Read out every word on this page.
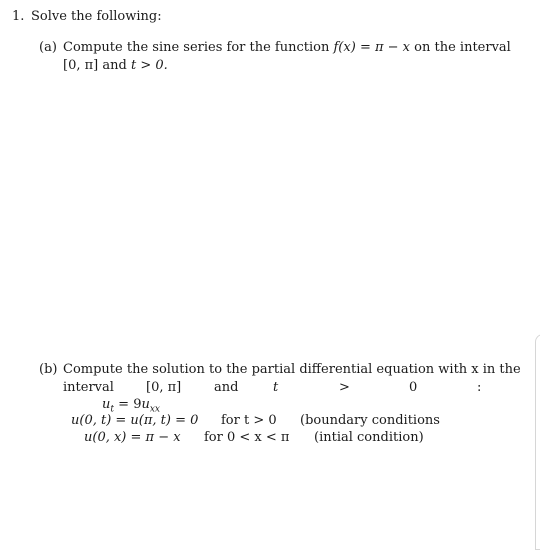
1. Solve the following:
(a) Compute the sine series for the function f(x) = π − x on the interval
[0, π] and t > 0.
(b) Compute the solution to the partial differential equation with x in the
interval [0, π]	and	t	>	0	:
$u_t = 9u_{xx}$
u(0, t) = u(π, t) = 0 for t > 0 (boundary conditions
u(0, x) = π − x for 0 < x < π (intial condition)
